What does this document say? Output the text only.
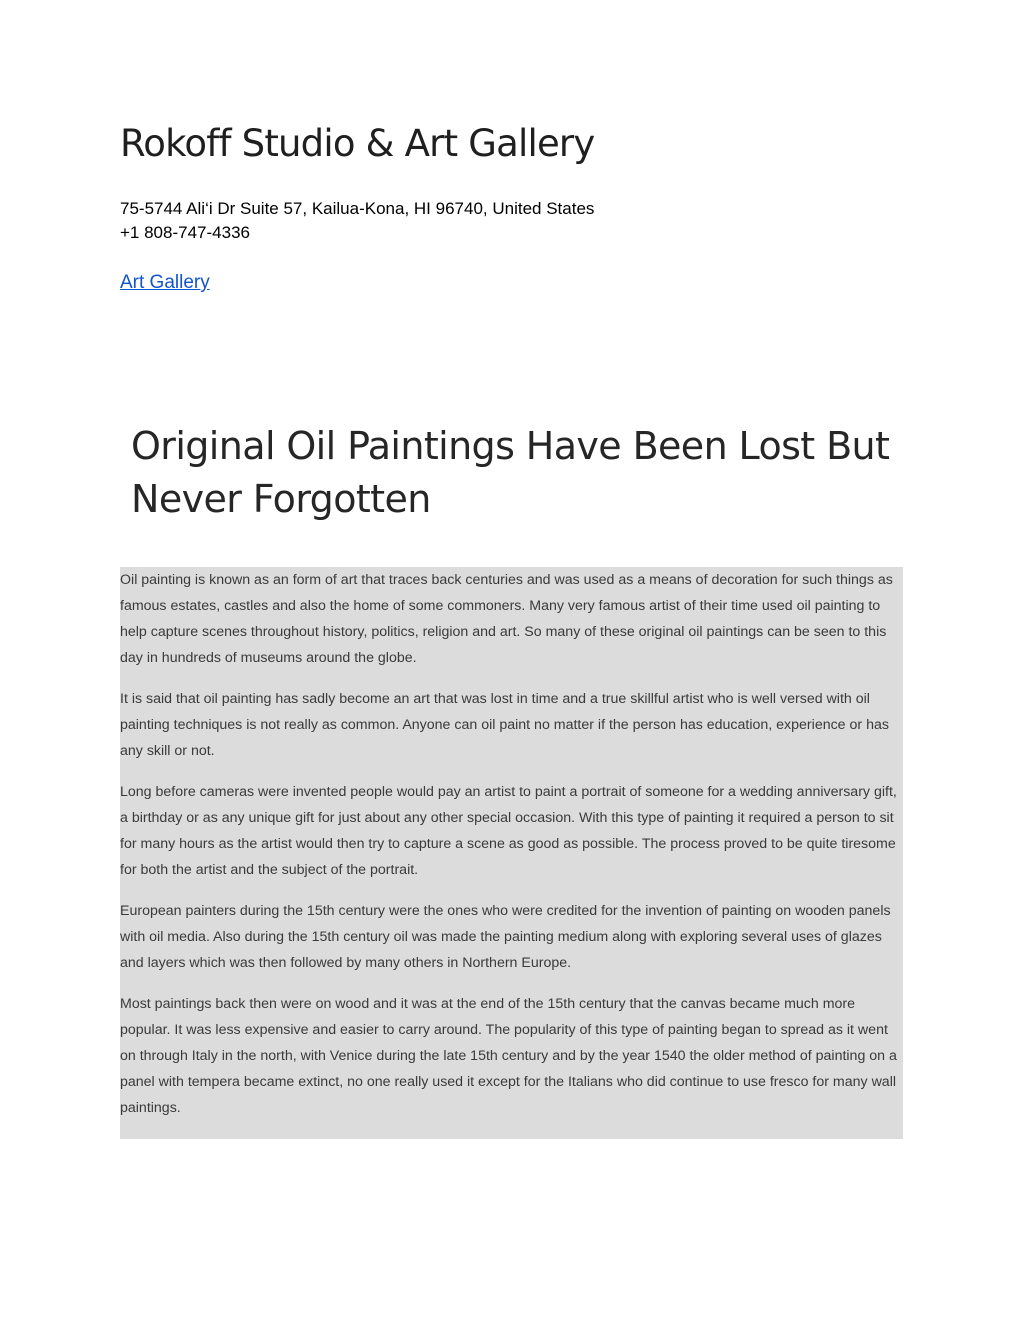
Rokoff Studio & Art Gallery
75-5744 Ali‘i Dr Suite 57, Kailua-Kona, HI 96740, United States
+1 808-747-4336
Art Gallery
Original Oil Paintings Have Been Lost But Never Forgotten

Oil painting is known as an form of art that traces back centuries and was used as a means of decoration for such things as famous estates, castles and also the home of some commoners. Many very famous artist of their time used oil painting to help capture scenes throughout history, politics, religion and art. So many of these original oil paintings can be seen to this day in hundreds of museums around the globe.

It is said that oil painting has sadly become an art that was lost in time and a true skillful artist who is well versed with oil painting techniques is not really as common. Anyone can oil paint no matter if the person has education, experience or has any skill or not.

Long before cameras were invented people would pay an artist to paint a portrait of someone for a wedding anniversary gift, a birthday or as any unique gift for just about any other special occasion. With this type of painting it required a person to sit for many hours as the artist would then try to capture a scene as good as possible. The process proved to be quite tiresome for both the artist and the subject of the portrait.

European painters during the 15th century were the ones who were credited for the invention of painting on wooden panels with oil media. Also during the 15th century oil was made the painting medium along with exploring several uses of glazes and layers which was then followed by many others in Northern Europe.

Most paintings back then were on wood and it was at the end of the 15th century that the canvas became much more popular. It was less expensive and easier to carry around. The popularity of this type of painting began to spread as it went on through Italy in the north, with Venice during the late 15th century and by the year 1540 the older method of painting on a panel with tempera became extinct, no one really used it except for the Italians who did continue to use fresco for many wall paintings.
